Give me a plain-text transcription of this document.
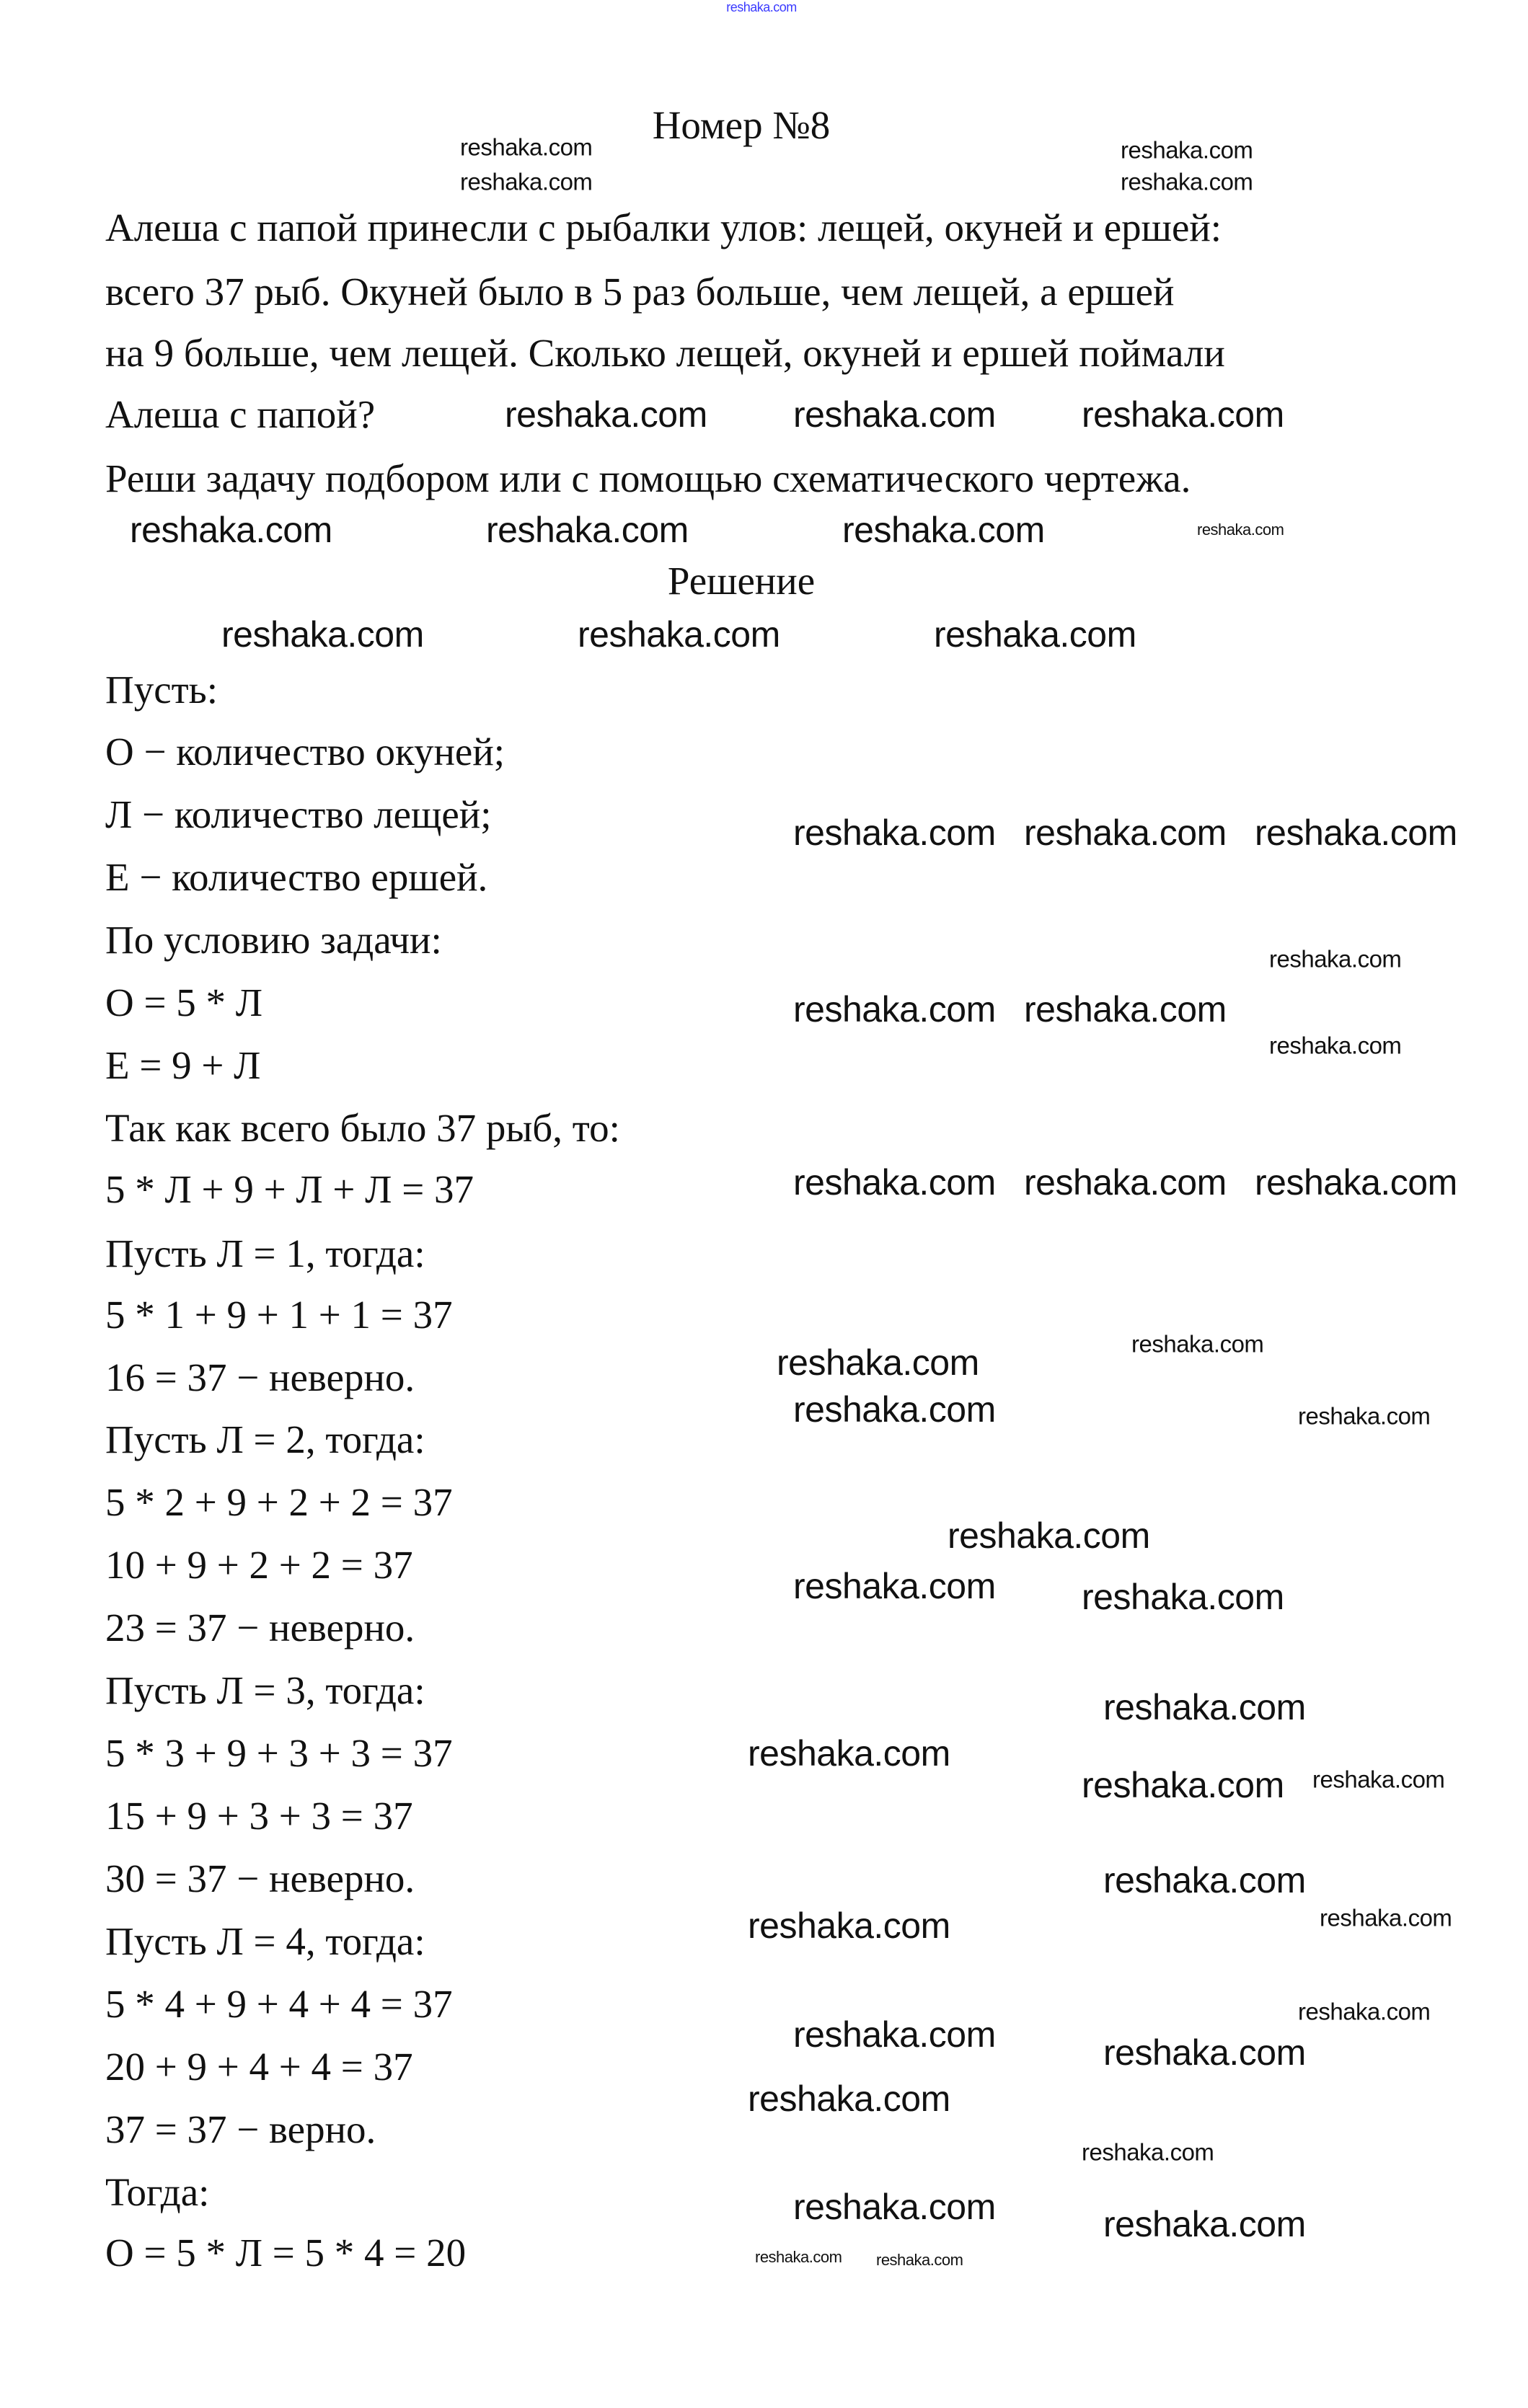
Номер №8
Алеша с папой принесли с рыбалки улов: лещей, окуней и ершей:
всего 37 рыб. Окуней было в 5 раз больше, чем лещей, а ершей
на 9 больше, чем лещей. Сколько лещей, окуней и ершей поймали
Алеша с папой?
Реши задачу подбором или с помощью схематического чертежа.
Решение
Пусть:
О − количество окуней;
Л − количество лещей;
Е − количество ершей.
По условию задачи:
О = 5 * Л
Е = 9 + Л
Так как всего было 37 рыб, то:
5 * Л + 9 + Л + Л = 37
Пусть Л = 1, тогда:
5 * 1 + 9 + 1 + 1 = 37
16 = 37 − неверно.
Пусть Л = 2, тогда:
5 * 2 + 9 + 2 + 2 = 37
10 + 9 + 2 + 2 = 37
23 = 37 − неверно.
Пусть Л = 3, тогда:
5 * 3 + 9 + 3 + 3 = 37
15 + 9 + 3 + 3 = 37
30 = 37 − неверно.
Пусть Л = 4, тогда:
5 * 4 + 9 + 4 + 4 = 37
20 + 9 + 4 + 4 = 37
37 = 37 − верно.
Тогда:
О = 5 * Л = 5 * 4 = 20
reshaka.com
reshaka.com	reshaka.com
reshaka.com	reshaka.com
reshaka.com reshaka.com reshaka.com
reshaka.com	reshaka.com	reshaka.com	reshaka.com
reshaka.com	reshaka.com	reshaka.com
reshaka.com reshaka.com reshaka.com
reshaka.com reshaka.com
reshaka.com
reshaka.com
reshaka.com reshaka.com reshaka.com
reshaka.com	reshaka.com
reshaka.com
reshaka.com
reshaka.com
reshaka.com reshaka.com
reshaka.com
reshaka.com
reshaka.com reshaka.com
reshaka.com
reshaka.com	reshaka.com
reshaka.com
reshaka.com
reshaka.com
reshaka.com
reshaka.com
reshaka.com	reshaka.com
reshaka.com reshaka.com
